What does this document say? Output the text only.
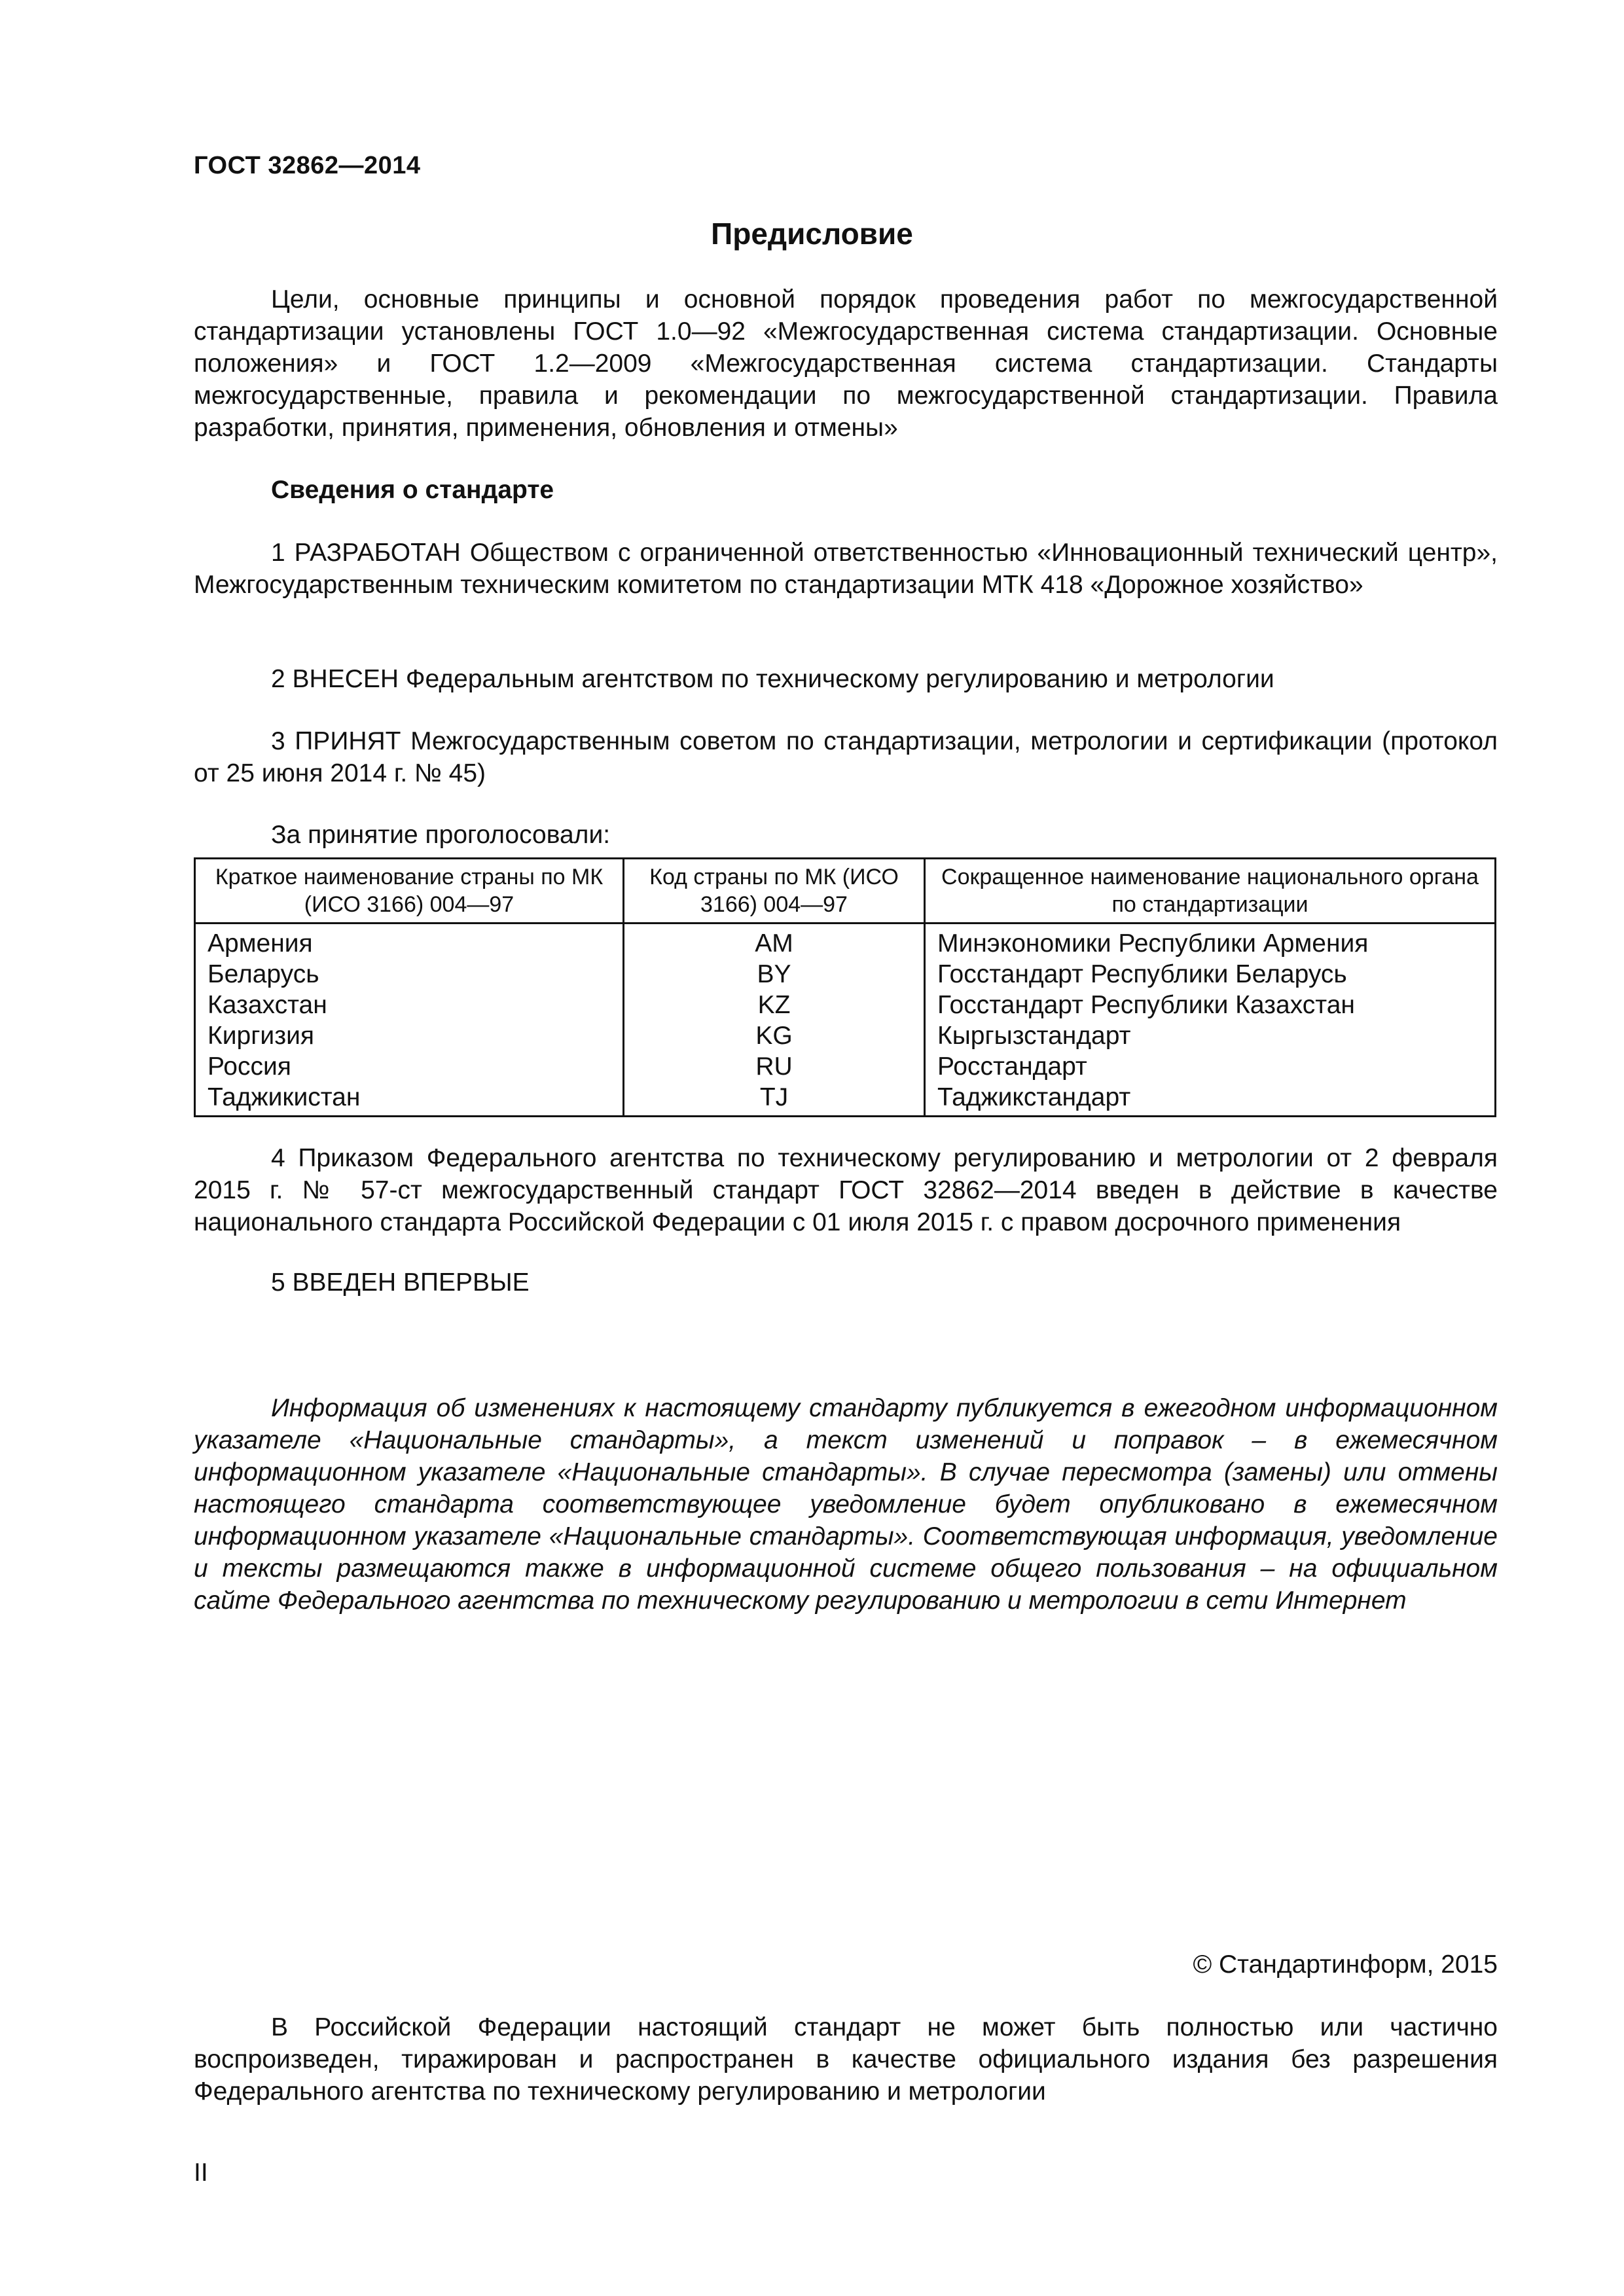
ГОСТ 32862—2014
Предисловие

Цели, основные принципы и основной порядок проведения работ по межгосударственной стандартизации установлены ГОСТ 1.0—92 «Межгосударственная система стандартизации. Основные положения» и ГОСТ 1.2—2009 «Межгосударственная система стандартизации. Стандарты межгосударственные, правила и рекомендации по межгосударственной стандартизации. Правила разработки, принятия, применения, обновления и отмены»

Сведения о стандарте

1 РАЗРАБОТАН Обществом с ограниченной ответственностью «Инновационный технический центр», Межгосударственным техническим комитетом по стандартизации МТК 418 «Дорожное хозяйство»

2 ВНЕСЕН Федеральным агентством по техническому регулированию и метрологии

3 ПРИНЯТ Межгосударственным советом по стандартизации, метрологии и сертификации (протокол от 25 июня 2014 г. № 45)

За принятие проголосовали:

Краткое наименование страны по МК (ИСО 3166) 004—97	Код страны по МК (ИСО 3166) 004—97	Сокращенное наименование национального органа по стандартизации
Армения	AM	Минэкономики Республики Армения
Беларусь	BY	Госстандарт Республики Беларусь
Казахстан	KZ	Госстандарт Республики Казахстан
Киргизия	KG	Кыргызстандарт
Россия	RU	Росстандарт
Таджикистан	TJ	Таджикстандарт

4 Приказом Федерального агентства по техническому регулированию и метрологии от 2 февраля 2015 г. № 57-ст межгосударственный стандарт ГОСТ 32862—2014 введен в действие в качестве национального стандарта Российской Федерации с 01 июля 2015 г. с правом досрочного применения

5 ВВЕДЕН ВПЕРВЫЕ

Информация об изменениях к настоящему стандарту публикуется в ежегодном информационном указателе «Национальные стандарты», а текст изменений и поправок – в ежемесячном информационном указателе «Национальные стандарты». В случае пересмотра (замены) или отмены настоящего стандарта соответствующее уведомление будет опубликовано в ежемесячном информационном указателе «Национальные стандарты». Соответствующая информация, уведомление и тексты размещаются также в информационной системе общего пользования – на официальном сайте Федерального агентства по техническому регулированию и метрологии в сети Интернет

© Стандартинформ, 2015

В Российской Федерации настоящий стандарт не может быть полностью или частично воспроизведен, тиражирован и распространен в качестве официального издания без разрешения Федерального агентства по техническому регулированию и метрологии

II
